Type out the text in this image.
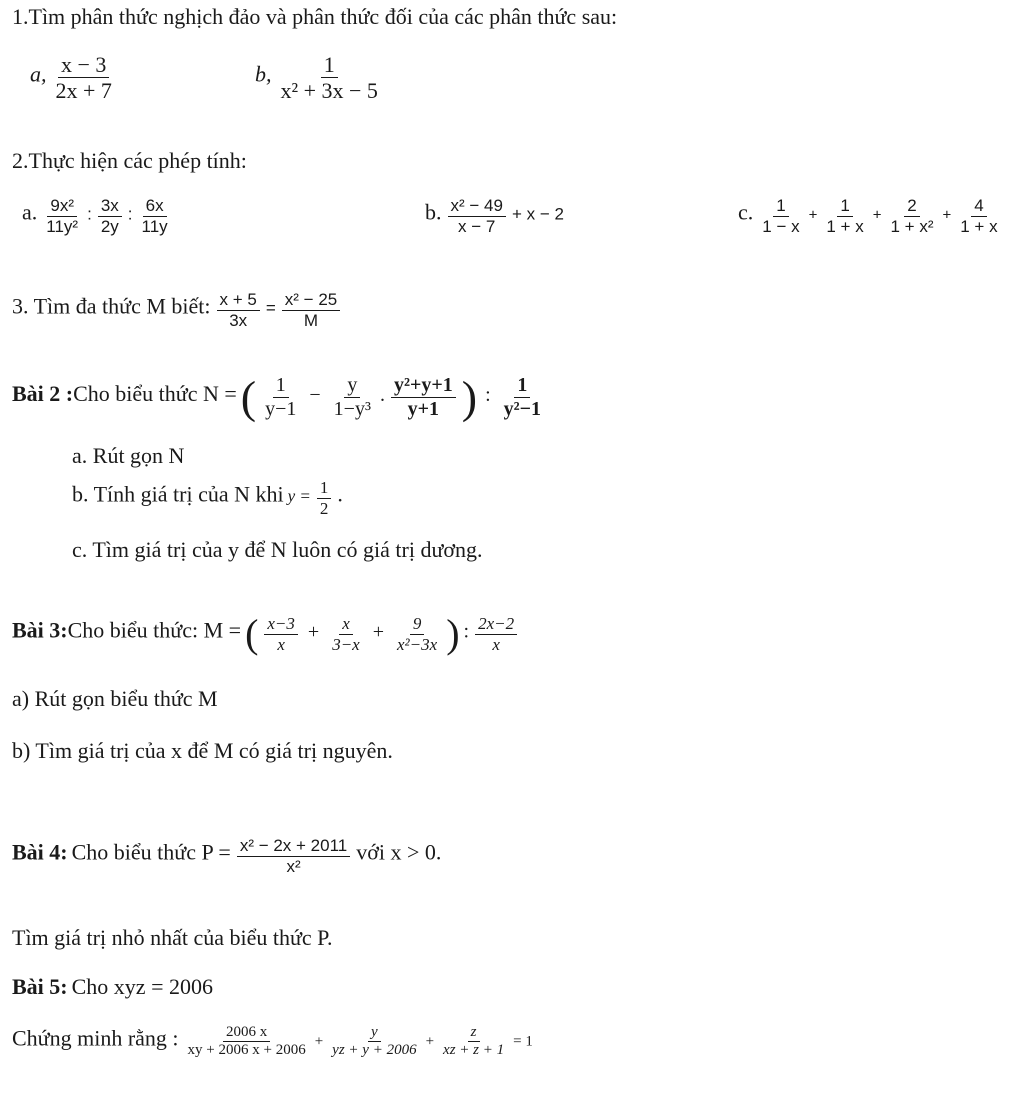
1.Tìm phân thức nghịch đảo và phân thức đối của các phân thức sau:
a, $\frac{x - 3}{2x + 7}$	b, $\frac{1}{\text{x² + 3x − 5}}$
2.Thực hiện các phép tính:
a. $\frac{\text{9x²}}{\text{11y²}}$ : $\frac{3x}{2y}$ : $\frac{6x}{11y}$	b. $\frac{\text{x² − 49}}{x - 7} + x - 2$	c. $\frac{1}{1 - x} + \frac{1}{1 + x} + \frac{2}{\text{1 + x²}} + \frac{4}{1 + x}$
3. Tìm đa thức M biết: $\frac{x + 5}{3x} = \frac{\text{x² − 25}}{M}$
Bài 2 :Cho biểu thức N = ( $\frac{1}{y-1} - \frac{y}{\text{1−y³}}$ . $\frac{\text{y²+y+1}}{y+1}$ ) : $\frac{1}{\text{y²−1}}$
a. Rút gọn N
b. Tính giá trị của N khi $y = \frac{1}{2}$ .
c. Tìm giá trị của y để N luôn có giá trị dương.
Bài 3:Cho biểu thức: M = ( $\frac{x-3}{x} + \frac{x}{3-x} + \frac{9}{\text{x²−3x}}$ ) : $\frac{2x-2}{x}$
a) Rút gọn biểu thức M
b) Tìm giá trị của x để M có giá trị nguyên.
Bài 4: Cho biểu thức $P = \frac{\text{x² − 2x + 2011}}{\text{x²}}$ với x > 0.
Tìm giá trị nhỏ nhất của biểu thức P.
Bài 5: Cho xyz = 2006
Chứng minh rằng : $\frac{2006 x}{xy + 2006 x + 2006} + \frac{y}{yz + y + 2006} + \frac{z}{xz + z + 1} = 1$
